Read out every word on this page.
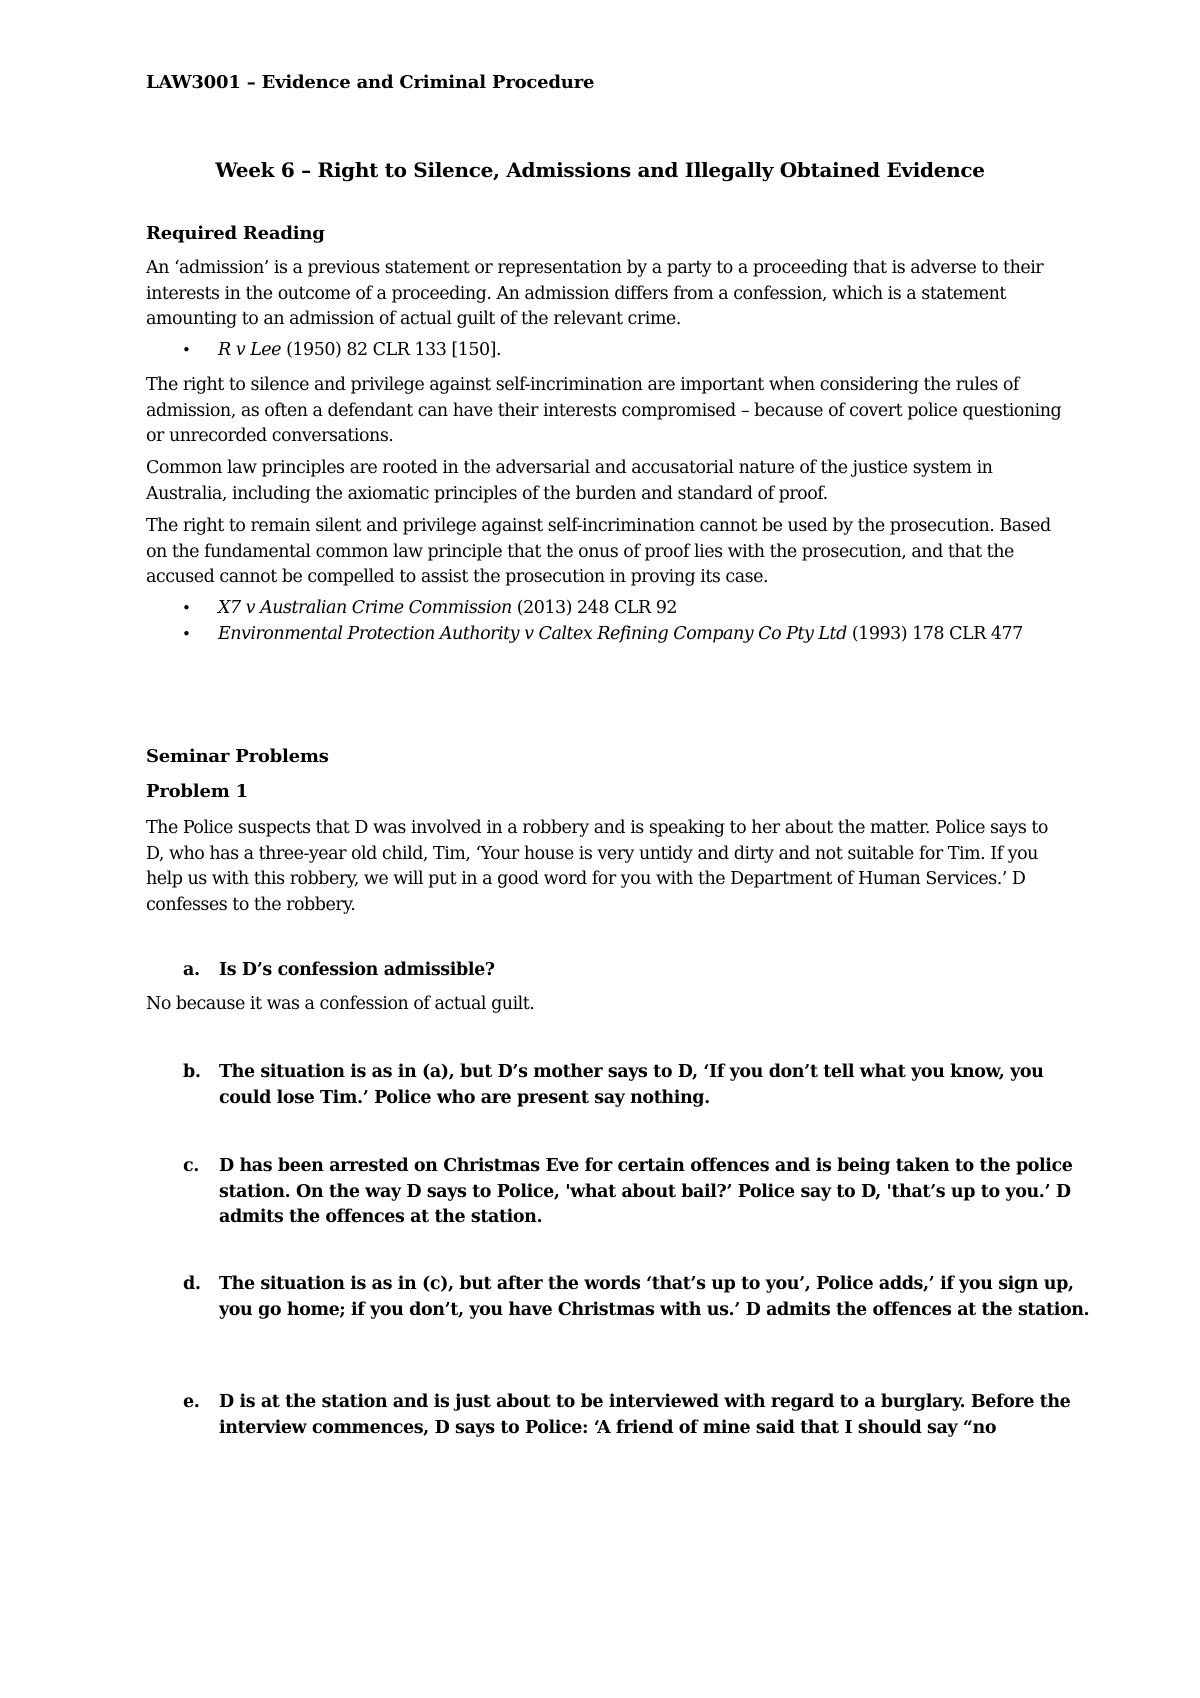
LAW3001 – Evidence and Criminal Procedure
Week 6 – Right to Silence, Admissions and Illegally Obtained Evidence
Required Reading

An ‘admission’ is a previous statement or representation by a party to a proceeding that is adverse to their interests in the outcome of a proceeding. An admission differs from a confession, which is a statement amounting to an admission of actual guilt of the relevant crime.

• R v Lee (1950) 82 CLR 133 [150].

The right to silence and privilege against self-incrimination are important when considering the rules of admission, as often a defendant can have their interests compromised – because of covert police questioning or unrecorded conversations.

Common law principles are rooted in the adversarial and accusatorial nature of the justice system in Australia, including the axiomatic principles of the burden and standard of proof.

The right to remain silent and privilege against self-incrimination cannot be used by the prosecution. Based on the fundamental common law principle that the onus of proof lies with the prosecution, and that the accused cannot be compelled to assist the prosecution in proving its case.

• X7 v Australian Crime Commission (2013) 248 CLR 92
• Environmental Protection Authority v Caltex Refining Company Co Pty Ltd (1993) 178 CLR 477
Seminar Problems
Problem 1

The Police suspects that D was involved in a robbery and is speaking to her about the matter. Police says to D, who has a three-year old child, Tim, ‘Your house is very untidy and dirty and not suitable for Tim. If you help us with this robbery, we will put in a good word for you with the Department of Human Services.’ D confesses to the robbery.

a. Is D’s confession admissible?
No because it was a confession of actual guilt.
b. The situation is as in (a), but D’s mother says to D, ‘If you don’t tell what you know, you could lose Tim.’ Police who are present say nothing.
c. D has been arrested on Christmas Eve for certain offences and is being taken to the police station. On the way D says to Police, 'what about bail?’ Police say to D, 'that’s up to you.’ D admits the offences at the station.
d. The situation is as in (c), but after the words ‘that’s up to you’, Police adds,’ if you sign up, you go home; if you don’t, you have Christmas with us.’ D admits the offences at the station.
e. D is at the station and is just about to be interviewed with regard to a burglary. Before the interview commences, D says to Police: ‘A friend of mine said that I should say “no
